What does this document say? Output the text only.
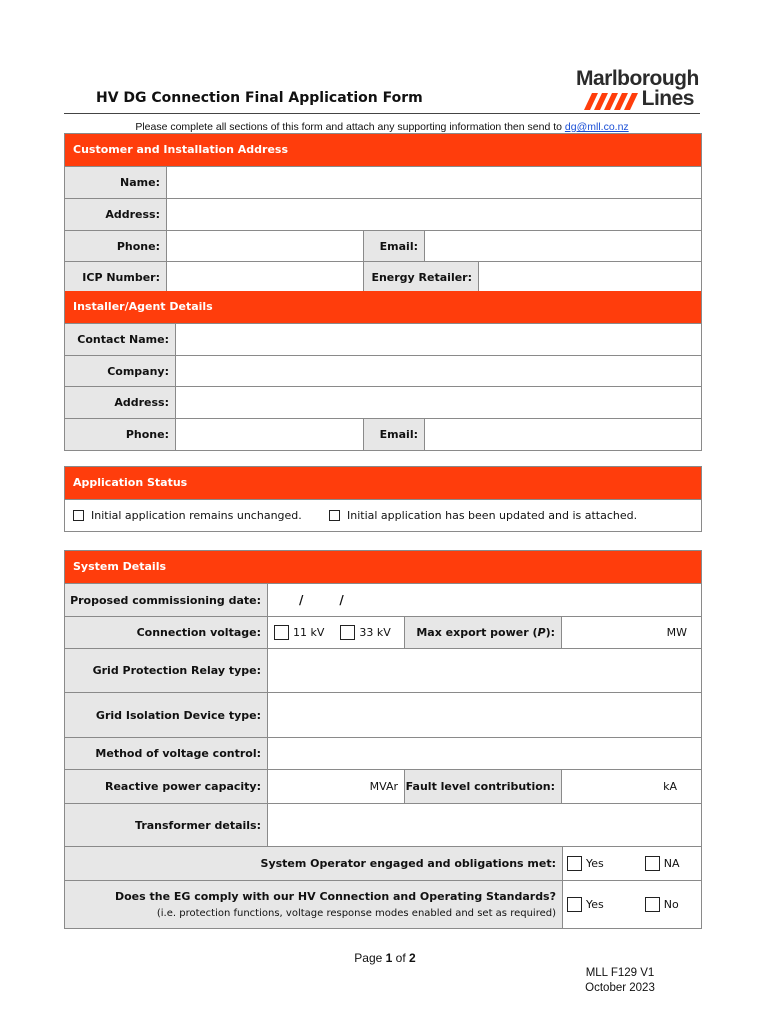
Marlborough
Lines
HV DG Connection Final Application Form
Please complete all sections of this form and attach any supporting information then send to dg@mll.co.nz
Customer and Installation Address
Name:
Address:
Phone:	Email:
ICP Number:	Energy Retailer:
Installer/Agent Details
Contact Name:
Company:
Address:
Phone:	Email:
Application Status
Initial application remains unchanged.	Initial application has been updated and is attached.
System Details
Proposed commissioning date:	/	/
Connection voltage:	11 kV	33 kV Max export power ( P ):	MW
Grid Protection Relay type:
Grid Isolation Device type:
Method of voltage control:
Reactive power capacity:	MVAr Fault level contribution:	kA
Transformer details:
System Operator engaged and obligations met:	Yes	NA
Does the EG comply with our HV Connection and Operating Standards?
(i.e. protection functions, voltage response modes enabled and set as required)
Yes	No
Page 1 of 2
MLL F129 V1
October 2023
